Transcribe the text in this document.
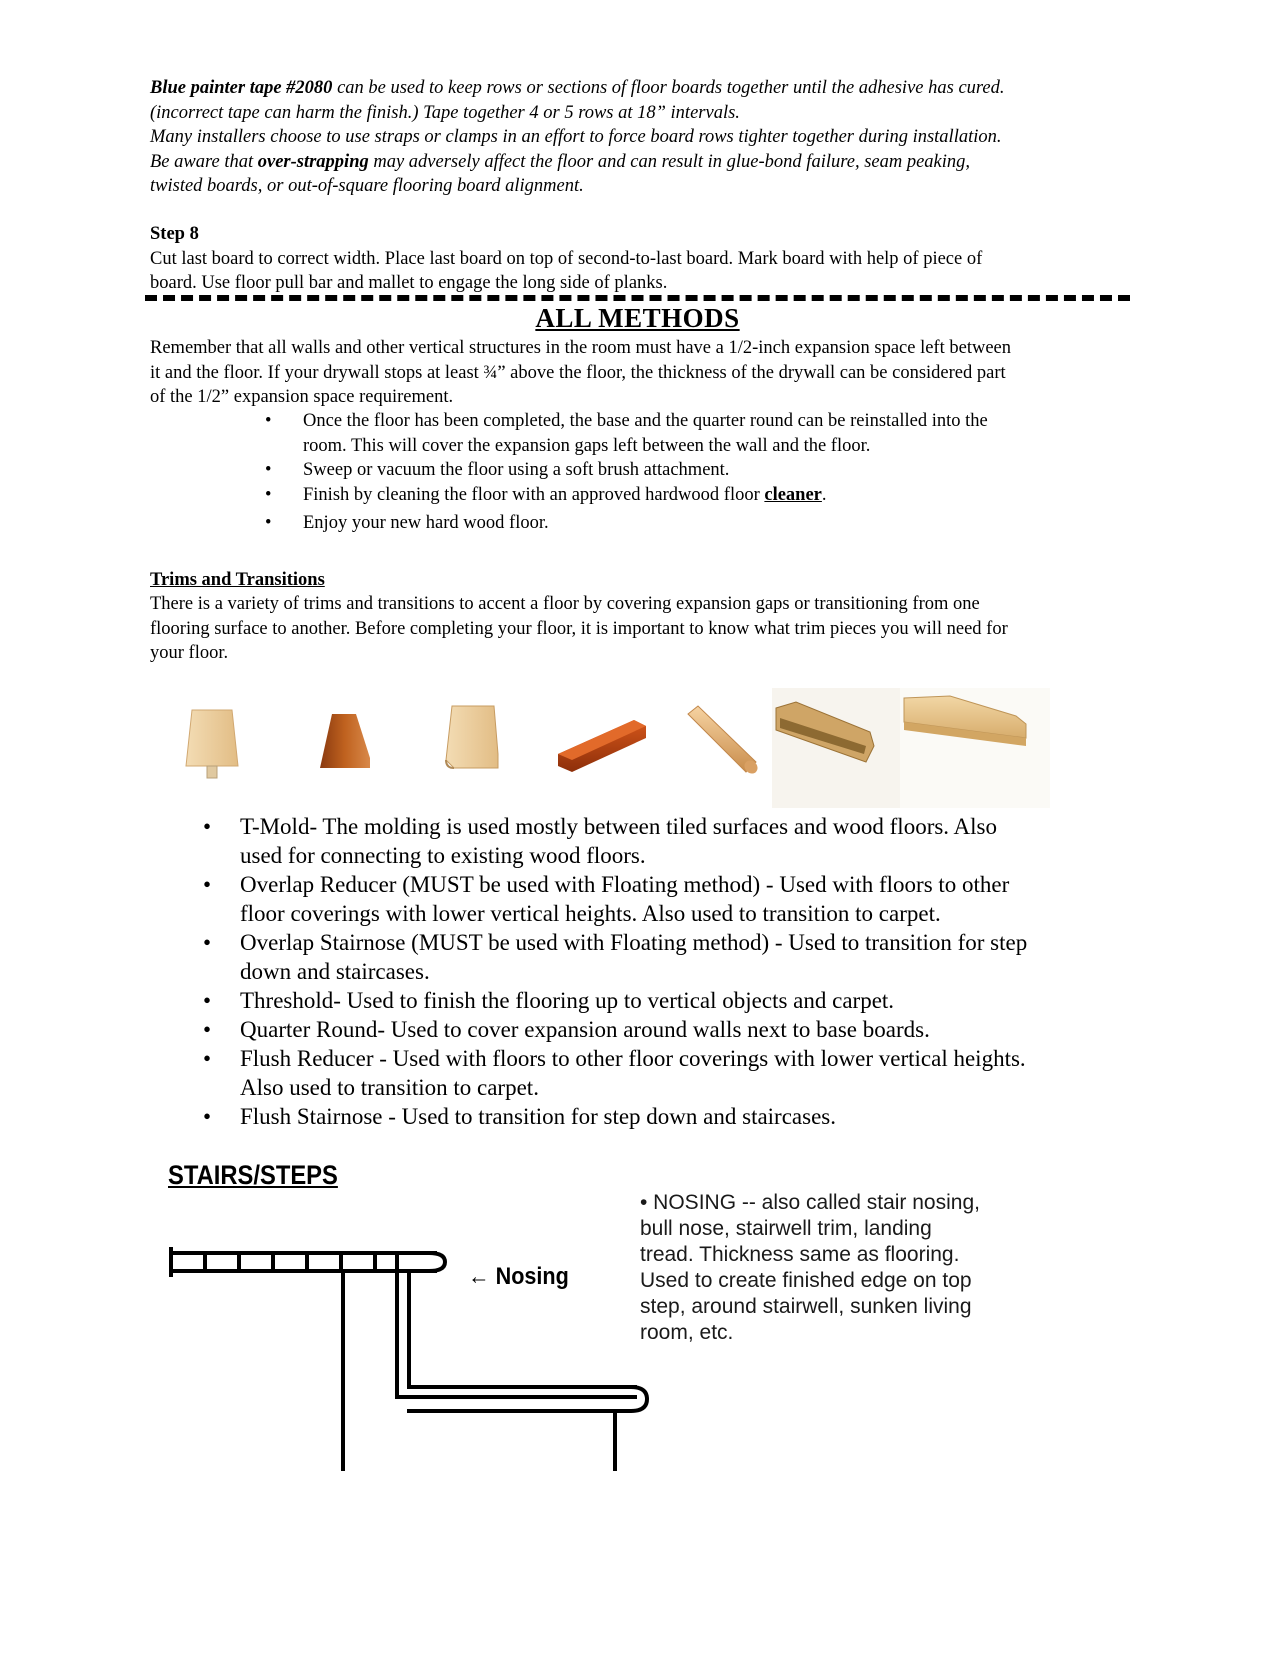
Blue painter tape #2080 can be used to keep rows or sections of floor boards together until the adhesive has cured.

(incorrect tape can harm the finish.) Tape together 4 or 5 rows at 18” intervals.

Many installers choose to use straps or clamps in an effort to force board rows tighter together during installation.

Be aware that over-strapping may adversely affect the floor and can result in glue-bond failure, seam peaking,

twisted boards, or out-of-square flooring board alignment.

Step 8

Cut last board to correct width. Place last board on top of second-to-last board. Mark board with help of piece of

board. Use floor pull bar and mallet to engage the long side of planks.

ALL METHODS

Remember that all walls and other vertical structures in the room must have a 1/2-inch expansion space left between

it and the floor. If your drywall stops at least ¾” above the floor, the thickness of the drywall can be considered part

of the 1/2” expansion space requirement.

• Once the floor has been completed, the base and the quarter round can be reinstalled into the
room. This will cover the expansion gaps left between the wall and the floor.
• Sweep or vacuum the floor using a soft brush attachment.
• Finish by cleaning the floor with an approved hardwood floor cleaner.
• Enjoy your new hard wood floor.
Trims and Transitions

There is a variety of trims and transitions to accent a floor by covering expansion gaps or transitioning from one
flooring surface to another. Before completing your floor, it is important to know what trim pieces you will need for
your floor.

• T-Mold- The molding is used mostly between tiled surfaces and wood floors. Also
used for connecting to existing wood floors.
• Overlap Reducer (MUST be used with Floating method) - Used with floors to other
floor coverings with lower vertical heights. Also used to transition to carpet.
• Overlap Stairnose (MUST be used with Floating method) - Used to transition for step
down and staircases.
• Threshold- Used to finish the flooring up to vertical objects and carpet.
• Quarter Round- Used to cover expansion around walls next to base boards.
• Flush Reducer - Used with floors to other floor coverings with lower vertical heights.
Also used to transition to carpet.
• Flush Stairnose - Used to transition for step down and staircases.
STAIRS/STEPS
← Nosing

• NOSING -- also called stair nosing,
bull nose, stairwell trim, landing
tread. Thickness same as flooring.
Used to create finished edge on top
step, around stairwell, sunken living
room, etc.
